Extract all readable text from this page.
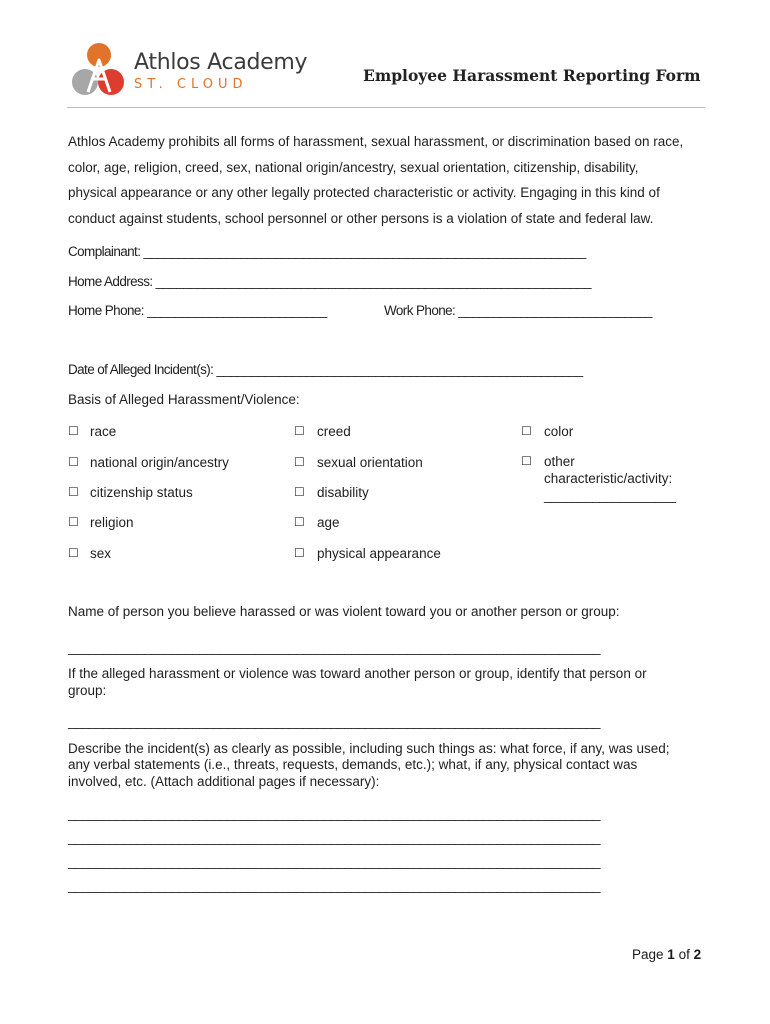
Athlos Academy
ST. CLOUD	Employee Harassment Reporting Form
Athlos Academy prohibits all forms of harassment, sexual harassment, or discrimination based on race,
color, age, religion, creed, sex, national origin/ancestry, sexual orientation, citizenship, disability,
physical appearance or any other legally protected characteristic or activity. Engaging in this kind of
conduct against students, school personnel or other persons is a violation of state and federal law.
Complainant: ________________________________________________________________
Home Address: _______________________________________________________________
Home Phone: __________________________	Work Phone: ____________________________
Date of Alleged Incident(s): _____________________________________________________
Basis of Alleged Harassment/Violence:
☐ race
☐ national origin/ancestry
☐ citizenship status
☐ religion
☐ sex
☐ creed
☐ sexual orientation
☐ disability
☐ age
☐ physical appearance
☐ color
☐ other
characteristic/activity:
___________________
Name of person you believe harassed or was violent toward you or another person or group:
_____________________________________________________________________________
If the alleged harassment or violence was toward another person or group, identify that person or
group:
_____________________________________________________________________________
Describe the incident(s) as clearly as possible, including such things as: what force, if any, was used;
any verbal statements (i.e., threats, requests, demands, etc.); what, if any, physical contact was
involved, etc. (Attach additional pages if necessary):
_____________________________________________________________________________
_____________________________________________________________________________
_____________________________________________________________________________
_____________________________________________________________________________
Page 1 of 2
